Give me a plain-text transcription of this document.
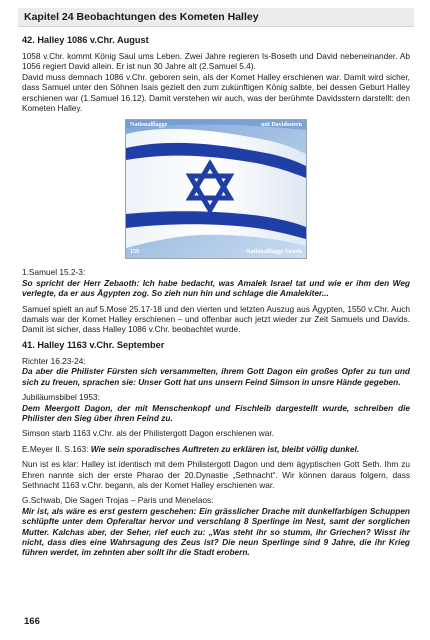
Kapitel 24 Beobachtungen des Kometen Halley
42. Halley 1086 v.Chr. August

1058 v.Chr. kommt König Saul ums Leben. Zwei Jahre regieren Is-Boseth und David nebeneinander. Ab 1056 regiert David allein. Er ist nun 30 Jahre alt (2.Samuel 5.4).

David muss demnach 1086 v.Chr. geboren sein, als der Komet Halley erschienen war. Damit wird sicher, dass Samuel unter den Söhnen Isais gezielt den zum zukünftigen König salbte, bei dessen Geburt Halley erschienen war (1.Samuel 16.12). Damit verstehen wir auch, was der berühmte Davidsstern darstellt: den Kometen Halley.

Nationalflagge	mit Davidsstern
159	Nationalflagge Israels

1.Samuel 15.2-3:

So spricht der Herr Zebaoth: Ich habe bedacht, was Amalek Israel tat und wie er ihm den Weg verlegte, da er aus Ägypten zog. So zieh nun hin und schlage die Amalekiter...

Samuel spielt an auf 5.Mose 25.17-18 und den vierten und letzten Auszug aus Ägypten, 1550 v.Chr. Auch damals war der Komet Halley erschienen – und offenbar auch jetzt wieder zur Zeit Samuels und Davids. Damit ist sicher, dass Halley 1086 v.Chr. beobachtet wurde.

41. Halley 1163 v.Chr. September

Richter 16.23-24:

Da aber die Philister Fürsten sich versammelten, ihrem Gott Dagon ein großes Opfer zu tun und sich zu freuen, sprachen sie: Unser Gott hat uns unsern Feind Simson in unsre Hände gegeben.

Jubiläumsbibel 1953:

Dem Meergott Dagon, der mit Menschenkopf und Fischleib dargestellt wurde, schreiben die Philister den Sieg über ihren Feind zu.

Simson starb 1163 v.Chr. als der Philistergott Dagon erschienen war.

E.Meyer II. S.163: Wie sein sporadisches Auftreten zu erklären ist, bleibt völlig dunkel.

Nun ist es klar: Halley ist identisch mit dem Philistergott Dagon und dem ägyptischen Gott Seth. Ihm zu Ehren nannte sich der erste Pharao der 20.Dynastie „Sethnacht“. Wir können daraus folgern, dass Sethnacht 1163 v.Chr. begann, als der Komet Halley erschienen war.

G.Schwab, Die Sagen Trojas – Paris und Menelaos:

Mir ist, als wäre es erst gestern geschehen: Ein grässlicher Drache mit dunkelfarbigen Schuppen schlüpfte unter dem Opferaltar hervor und verschlang 8 Sperlinge im Nest, samt der sorglichen Mutter. Kalchas aber, der Seher, rief euch zu: „Was steht ihr so stumm, ihr Griechen? Wisst ihr nicht, dass dies eine Wahrsagung des Zeus ist? Die neun Sperlinge sind 9 Jahre, die ihr Krieg führen werdet, im zehnten aber sollt ihr die Stadt erobern.

166
